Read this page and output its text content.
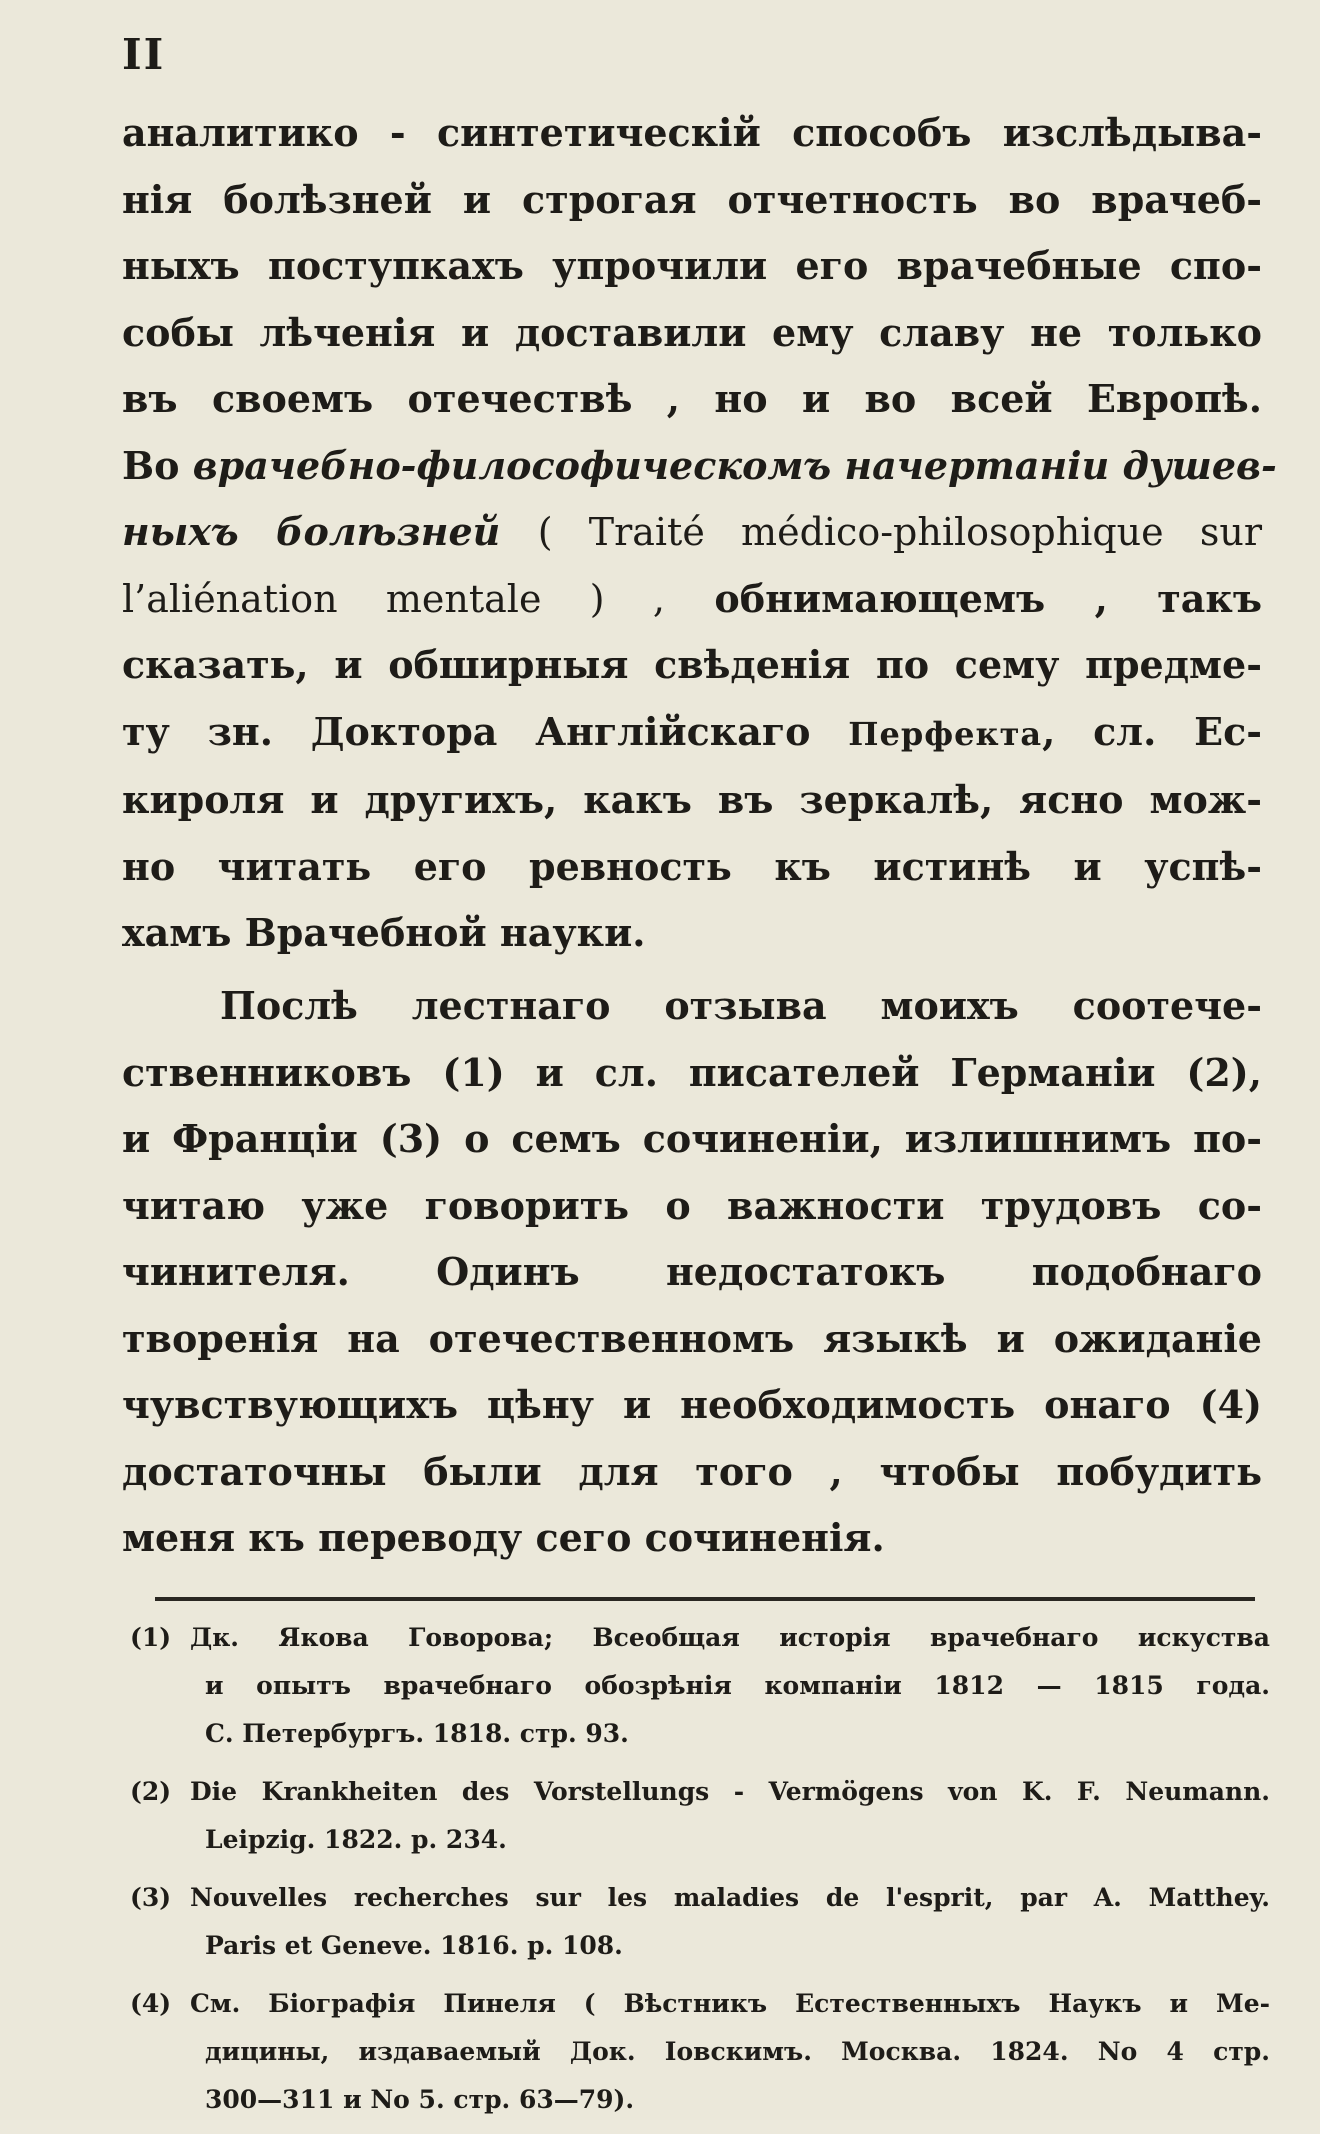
II
аналитико - синтетическій способъ изслѣдыва-
нія болѣзней и строгая отчетность во врачеб-
ныхъ поступкахъ упрочили его врачебные спо-
собы лѣченія и доставили ему славу не только
въ своемъ отечествѣ , но и во всей Европѣ.
Во врачебно-философическомъ начертаніи душев-
ныхъ болѣзней ( Traité médico-philosophique sur
l’aliénation mentale ) , обнимающемъ , такъ
сказать, и обширныя свѣденія по сему предме-
ту зн. Доктора Англійскаго Перфекта, сл. Ес-
кироля и другихъ, какъ въ зеркалѣ, ясно мож-
но читать его ревность къ истинѣ и успѣ-
хамъ Врачебной науки.
Послѣ лестнаго отзыва моихъ соотече-
ственниковъ (1) и сл. писателей Германіи (2),
и Франціи (3) о семъ сочиненіи, излишнимъ по-
читаю уже говорить о важности трудовъ со-
чинителя. Одинъ недостатокъ подобнаго
творенія на отечественномъ языкѣ и ожиданіе
чувствующихъ цѣну и необходимость онаго (4)
достаточны были для того , чтобы побудить
меня къ переводу сего сочиненія.
(1) Дк. Якова Говорова; Всеобщая исторія врачебнаго искуства
и опытъ врачебнаго обозрѣнія компаніи 1812 — 1815 года.
С. Петербургъ. 1818. стр. 93.
(2) Die Krankheiten des Vorstellungs - Vermögens von K. F. Neumann.
Leipzig. 1822. p. 234.
(3) Nouvelles recherches sur les maladies de l'esprit, par A. Matthey.
Paris et Geneve. 1816. p. 108.
(4) См. Біографія Пинеля ( Вѣстникъ Естественныхъ Наукъ и Ме-
дицины, издаваемый Док. Іовскимъ. Москва. 1824. No 4 стр.
300—311 и No 5. стр. 63—79).
